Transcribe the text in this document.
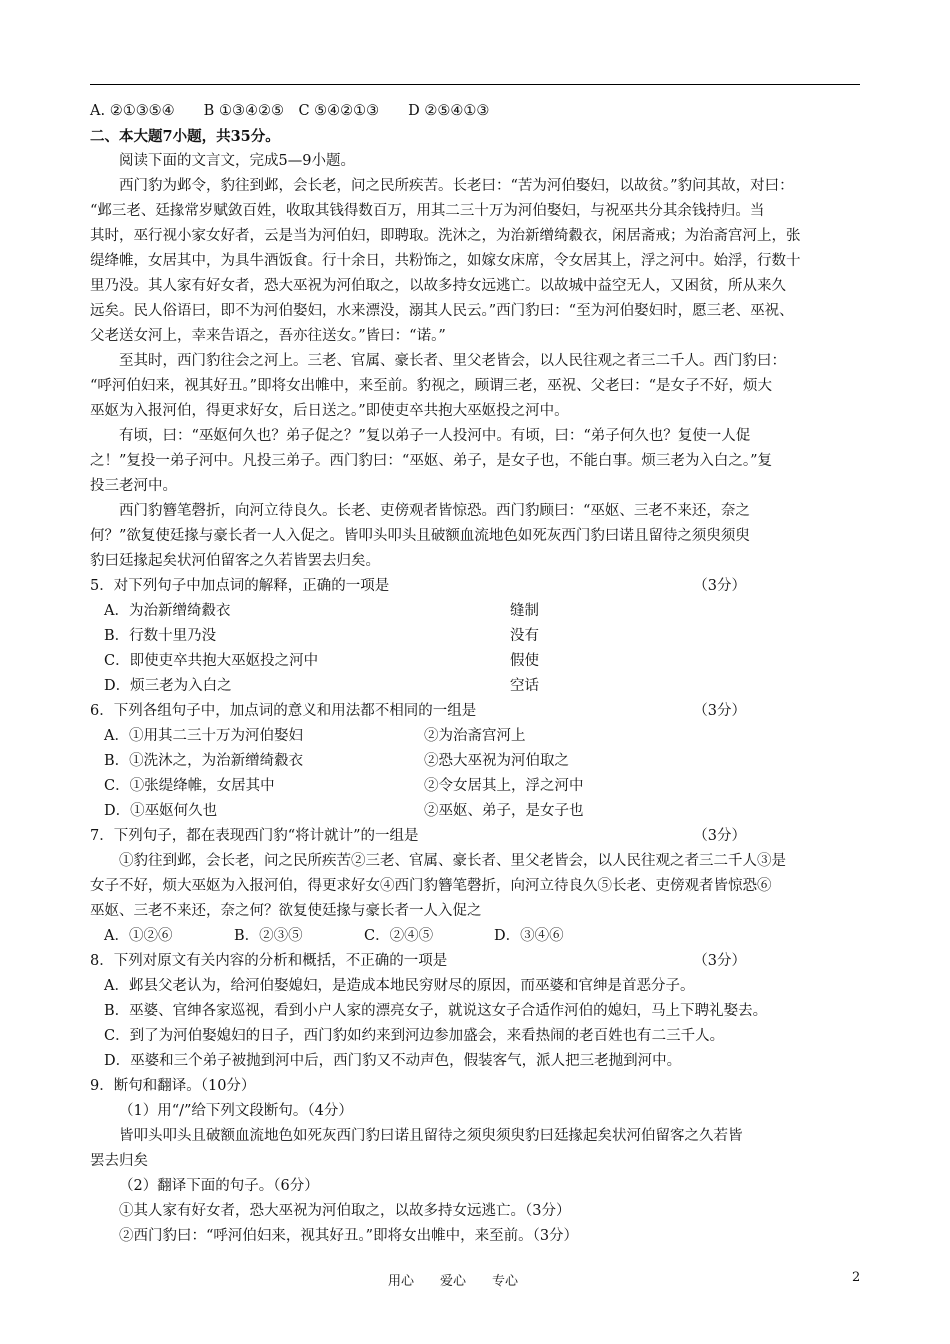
A. ②①③⑤④　　B ①③④②⑤　C ⑤④②①③　　D ②⑤④①③
二、本大题7小题，共35分。
阅读下面的文言文，完成5—9小题。
西门豹为邺令，豹往到邺，会长老，问之民所疾苦。长老曰：“苦为河伯娶妇，以故贫。”豹问其故，对曰：
“邺三老、廷掾常岁赋敛百姓，收取其钱得数百万，用其二三十万为河伯娶妇，与祝巫共分其余钱持归。当
其时，巫行视小家女好者，云是当为河伯妇，即聘取。洗沐之，为治新缯绮縠衣，闲居斋戒；为治斋宫河上，张
缇绛帷，女居其中，为具牛酒饭食。行十余日，共粉饰之，如嫁女床席，令女居其上，浮之河中。始浮，行数十
里乃没。其人家有好女者，恐大巫祝为河伯取之，以故多持女远逃亡。以故城中益空无人，又困贫，所从来久
远矣。民人俗语曰，即不为河伯娶妇，水来漂没，溺其人民云。”西门豹曰：“至为河伯娶妇时，愿三老、巫祝、
父老送女河上，幸来告语之，吾亦往送女。”皆曰：“诺。”
至其时，西门豹往会之河上。三老、官属、豪长者、里父老皆会，以人民往观之者三二千人。西门豹曰：
“呼河伯妇来，视其好丑。”即将女出帷中，来至前。豹视之，顾谓三老，巫祝、父老曰：“是女子不好，烦大
巫妪为入报河伯，得更求好女，后日送之。”即使吏卒共抱大巫妪投之河中。
有顷，曰：“巫妪何久也？弟子促之？”复以弟子一人投河中。有顷，曰：“弟子何久也？复使一人促
之！”复投一弟子河中。凡投三弟子。西门豹曰：“巫妪、弟子，是女子也，不能白事。烦三老为入白之。”复
投三老河中。
西门豹簪笔磬折，向河立待良久。长老、吏傍观者皆惊恐。西门豹顾曰：“巫妪、三老不来还，奈之
何？”欲复使廷掾与豪长者一人入促之。皆叩头叩头且破额血流地色如死灰西门豹曰诺且留待之须臾须臾
豹曰廷掾起矣状河伯留客之久若皆罢去归矣。
5．对下列句子中加点词的解释，正确的一项是	（3分）
A．为治新缯绮縠衣	缝制
B．行数十里乃没	没有
C．即使吏卒共抱大巫妪投之河中	假使
D．烦三老为入白之	空话
6．下列各组句子中，加点词的意义和用法都不相同的一组是	（3分）
A．①用其二三十万为河伯娶妇	②为治斋宫河上
B．①洗沐之，为治新缯绮縠衣	②恐大巫祝为河伯取之
C．①张缇绛帷，女居其中	②令女居其上，浮之河中
D．①巫妪何久也	②巫妪、弟子，是女子也
7．下列句子，都在表现西门豹“将计就计”的一组是	（3分）
①豹往到邺，会长老，问之民所疾苦②三老、官属、豪长者、里父老皆会，以人民往观之者三二千人③是
女子不好，烦大巫妪为入报河伯，得更求好女④西门豹簪笔磬折，向河立待良久⑤长老、吏傍观者皆惊恐⑥
巫妪、三老不来还，奈之何？欲复使廷掾与豪长者一人入促之
A．①②⑥	B．②③⑤	C．②④⑤	D．③④⑥
8．下列对原文有关内容的分析和概括，不正确的一项是	（3分）
A．邺县父老认为，给河伯娶媳妇，是造成本地民穷财尽的原因，而巫婆和官绅是首恶分子。
B．巫婆、官绅各家巡视，看到小户人家的漂亮女子，就说这女子合适作河伯的媳妇，马上下聘礼娶去。
C．到了为河伯娶媳妇的日子，西门豹如约来到河边参加盛会，来看热闹的老百姓也有二三千人。
D．巫婆和三个弟子被抛到河中后，西门豹又不动声色，假装客气，派人把三老抛到河中。
9．断句和翻译。（10分）
（1）用“/”给下列文段断句。（4分）
皆叩头叩头且破额血流地色如死灰西门豹曰诺且留待之须臾须臾豹曰廷掾起矣状河伯留客之久若皆
罢去归矣
（2）翻译下面的句子。（6分）
①其人家有好女者，恐大巫祝为河伯取之，以故多持女远逃亡。（3分）
②西门豹曰：“呼河伯妇来，视其好丑。”即将女出帷中，来至前。（3分）
用心　　爱心　　专心	2
